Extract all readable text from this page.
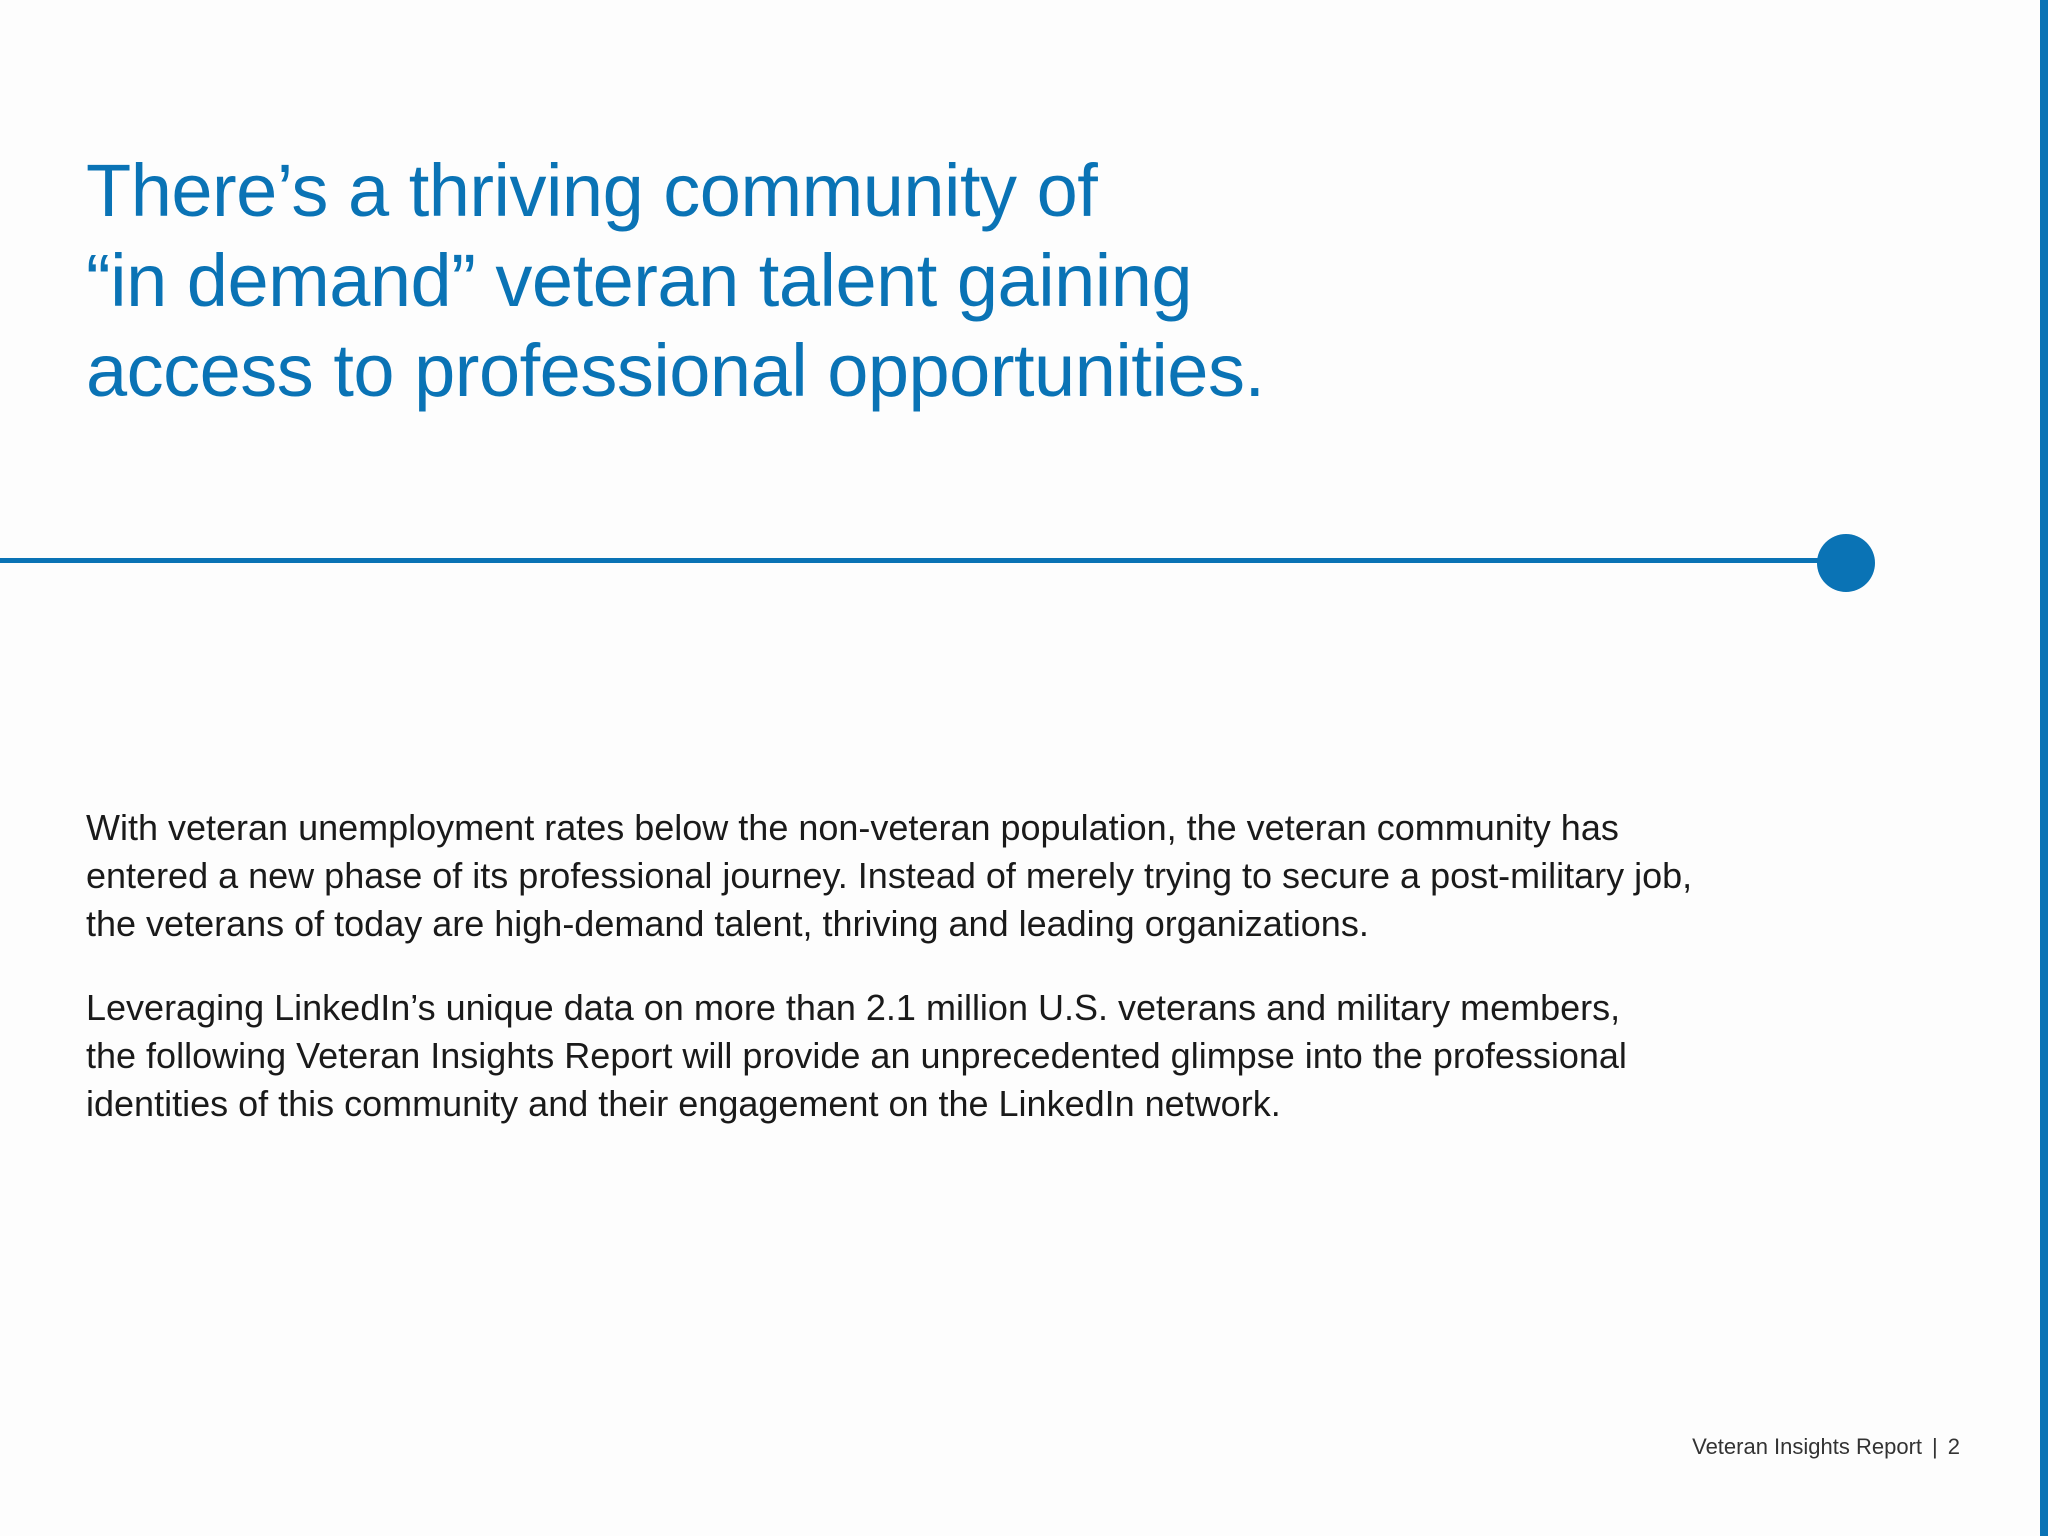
There’s a thriving community of
“in demand” veteran talent gaining
access to professional opportunities.

With veteran unemployment rates below the non-veteran population, the veteran community has
entered a new phase of its professional journey. Instead of merely trying to secure a post-military job,
the veterans of today are high-demand talent, thriving and leading organizations.

Leveraging LinkedIn’s unique data on more than 2.1 million U.S. veterans and military members,
the following Veteran Insights Report will provide an unprecedented glimpse into the professional
identities of this community and their engagement on the LinkedIn network.

Veteran Insights Report | 2
